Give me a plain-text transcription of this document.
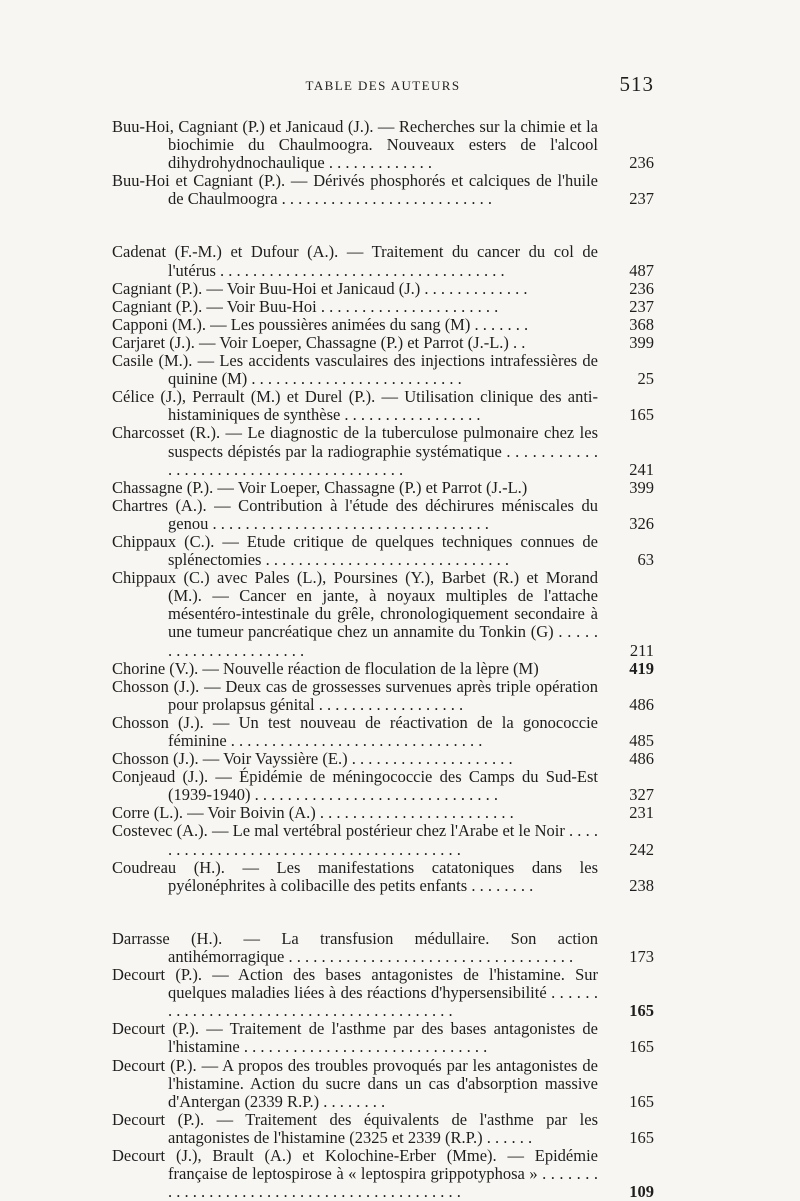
TABLE DES AUTEURS	513
Buu-Hoi, Cagniant (P.) et Janicaud (J.). — Recherches sur la chimie et la biochimie du Chaulmoogra. Nouveaux esters de l'alcool dihydrohydnochaulique . . . . . . . . . . . . .	236
Buu-Hoi et Cagniant (P.). — Dérivés phosphorés et calciques de l'huile de Chaulmoogra . . . . . . . . . . . . . . . . . . . . . . . . . .	237
Cadenat (F.-M.) et Dufour (A.). — Traitement du cancer du col de l'utérus . . . . . . . . . . . . . . . . . . . . . . . . . . . . . . . . . . .	487
Cagniant (P.). — Voir Buu-Hoi et Janicaud (J.) . . . . . . . . . . . . .	236
Cagniant (P.). — Voir Buu-Hoi . . . . . . . . . . . . . . . . . . . . . .	237
Capponi (M.). — Les poussières animées du sang (M) . . . . . . .	368
Carjaret (J.). — Voir Loeper, Chassagne (P.) et Parrot (J.-L.) . .	399
Casile (M.). — Les accidents vasculaires des injections intrafessières de quinine (M) . . . . . . . . . . . . . . . . . . . . . . . . . .	25
Célice (J.), Perrault (M.) et Durel (P.). — Utilisation clinique des anti-histaminiques de synthèse . . . . . . . . . . . . . . . . .	165
Charcosset (R.). — Le diagnostic de la tuberculose pulmonaire chez les suspects dépistés par la radiographie systématique . . . . . . . . . . . . . . . . . . . . . . . . . . . . . . . . . . . . . . . .	241
Chassagne (P.). — Voir Loeper, Chassagne (P.) et Parrot (J.-L.)	399
Chartres (A.). — Contribution à l'étude des déchirures méniscales du genou . . . . . . . . . . . . . . . . . . . . . . . . . . . . . . . . . .	326
Chippaux (C.). — Etude critique de quelques techniques connues de splénectomies . . . . . . . . . . . . . . . . . . . . . . . . . . . . . .	63
Chippaux (C.) avec Pales (L.), Poursines (Y.), Barbet (R.) et Morand (M.). — Cancer en jante, à noyaux multiples de l'attache mésentéro-intestinale du grêle, chronologiquement secondaire à une tumeur pancréatique chez un annamite du Tonkin (G) . . . . . . . . . . . . . . . . . . . . . .	211
Chorine (V.). — Nouvelle réaction de floculation de la lèpre (M)	419
Chosson (J.). — Deux cas de grossesses survenues après triple opération pour prolapsus génital . . . . . . . . . . . . . . . . . .	486
Chosson (J.). — Un test nouveau de réactivation de la gonococcie féminine . . . . . . . . . . . . . . . . . . . . . . . . . . . . . . .	485
Chosson (J.). — Voir Vayssière (E.) . . . . . . . . . . . . . . . . . . . .	486
Conjeaud (J.). — Épidémie de méningococcie des Camps du Sud-Est (1939-1940) . . . . . . . . . . . . . . . . . . . . . . . . . . . . . .	327
Corre (L.). — Voir Boivin (A.) . . . . . . . . . . . . . . . . . . . . . . . .	231
Costevec (A.). — Le mal vertébral postérieur chez l'Arabe et le Noir . . . . . . . . . . . . . . . . . . . . . . . . . . . . . . . . . . . . . . . .	242
Coudreau (H.). — Les manifestations catatoniques dans les pyélonéphrites à colibacille des petits enfants . . . . . . . .	238
Darrasse (H.). — La transfusion médullaire. Son action antihémorragique . . . . . . . . . . . . . . . . . . . . . . . . . . . . . . . . . . .	173
Decourt (P.). — Action des bases antagonistes de l'histamine. Sur quelques maladies liées à des réactions d'hypersensibilité . . . . . . . . . . . . . . . . . . . . . . . . . . . . . . . . . . . . . . . . .	165
Decourt (P.). — Traitement de l'asthme par des bases antagonistes de l'histamine . . . . . . . . . . . . . . . . . . . . . . . . . . . . . .	165
Decourt (P.). — A propos des troubles provoqués par les antagonistes de l'histamine. Action du sucre dans un cas d'absorption massive d'Antergan (2339 R.P.) . . . . . . . .	165
Decourt (P.). — Traitement des équivalents de l'asthme par les antagonistes de l'histamine (2325 et 2339 (R.P.) . . . . . .	165
Decourt (J.), Brault (A.) et Kolochine-Erber (Mme). — Epidémie française de leptospirose à « leptospira grippotyphosa » . . . . . . . . . . . . . . . . . . . . . . . . . . . . . . . . . . . . . . . . . . .	109
